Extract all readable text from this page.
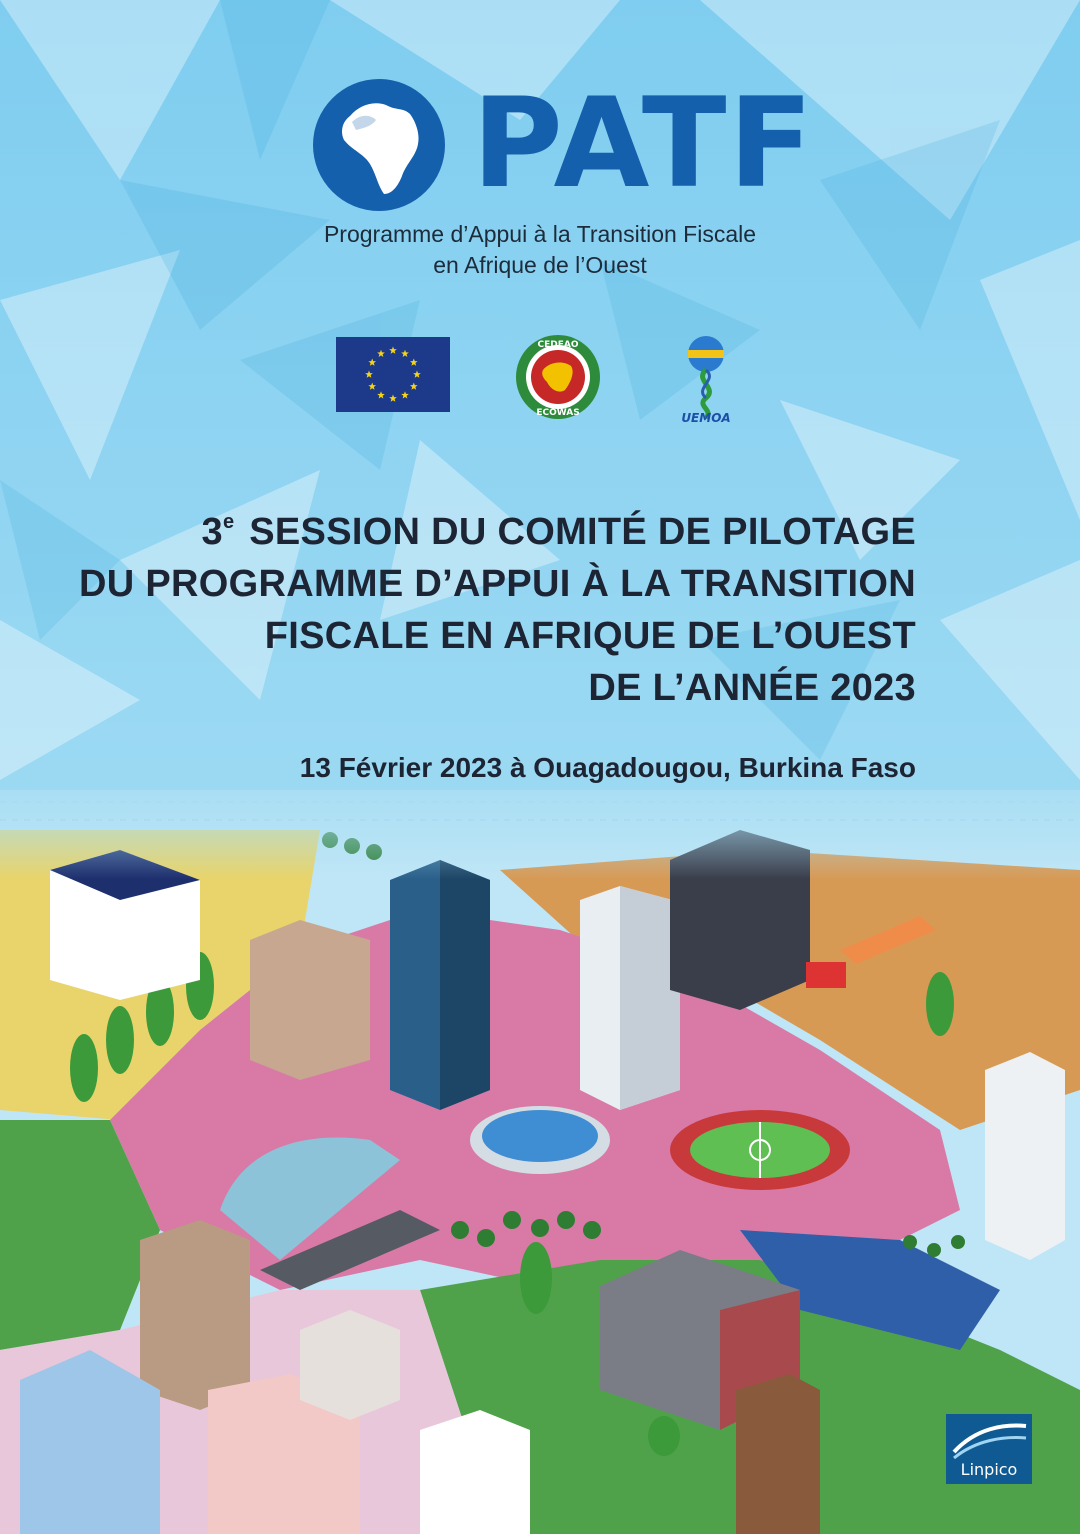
PATF
Programme d’Appui à la Transition Fiscale
en Afrique de l’Ouest
CEDEAO
ECOWAS	UEMOA
3e SESSION DU COMITÉ DE PILOTAGE
DU PROGRAMME D’APPUI À LA TRANSITION
FISCALE EN AFRIQUE DE L’OUEST
DE L’ANNÉE 2023
13 Février 2023 à Ouagadougou, Burkina Faso
Linpico
